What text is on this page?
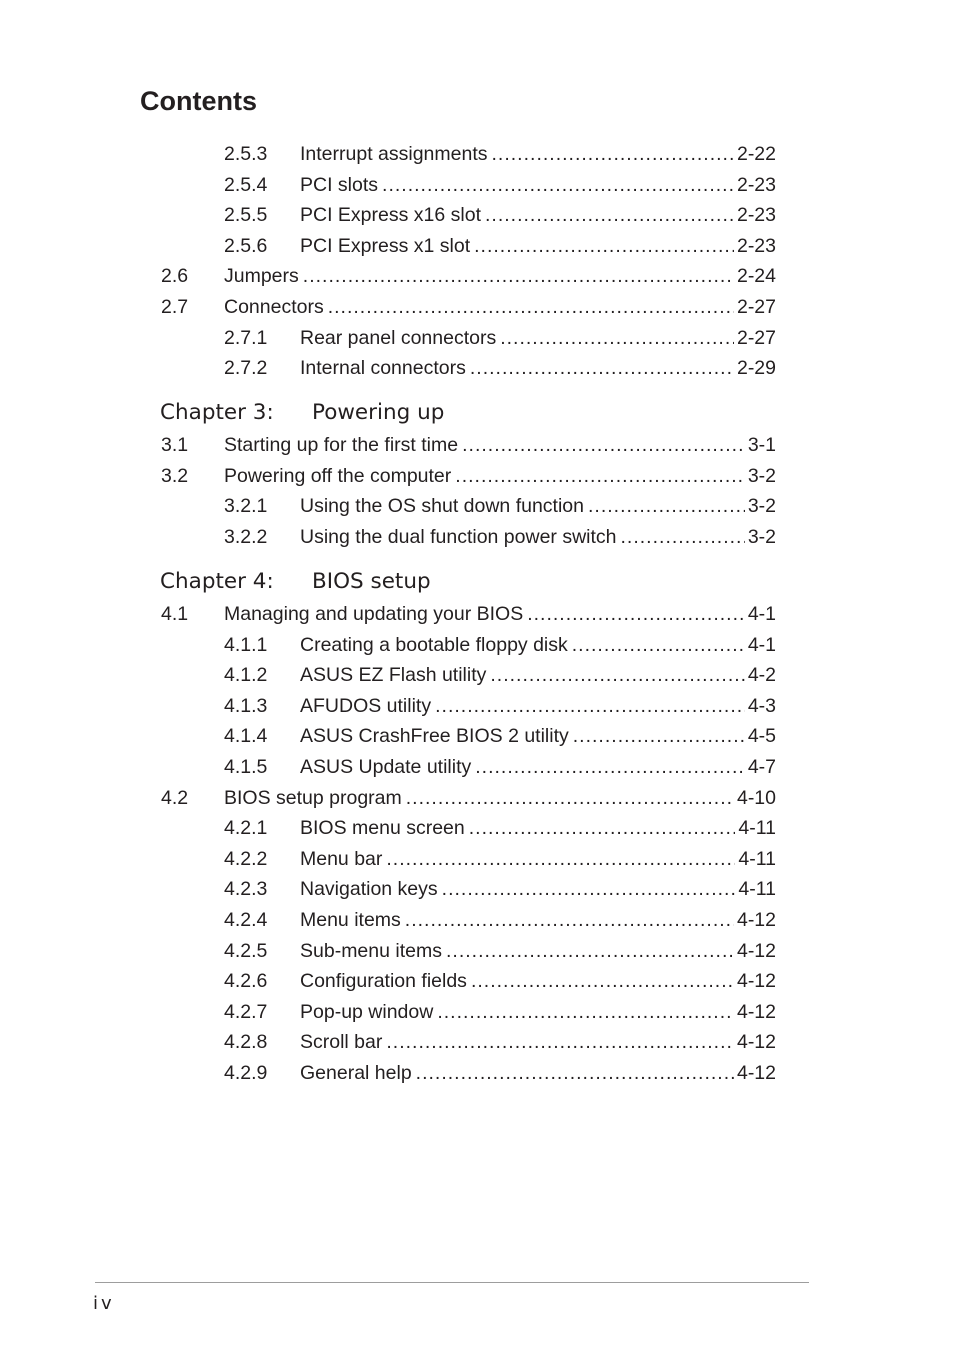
Contents
Chapter 3: Powering up
Chapter 4: BIOS setup
iv
2.5.3 Interrupt assignments .....	2-22
2.5.4 PCI slots .....	2-23
2.5.5 PCI Express x16 slot .....	2-23
2.5.6 PCI Express x1 slot .....	2-23
2.6 Jumpers .....	2-24
2.7 Connectors .....	2-27
2.7.1 Rear panel connectors .....	2-27
2.7.2 Internal connectors .....	2-29
3.1 Starting up for the first time .....	3-1
3.2 Powering off the computer .....	3-2
3.2.1 Using the OS shut down function .....	3-2
3.2.2 Using the dual function power switch .....	3-2
4.1 Managing and updating your BIOS .....	4-1
4.1.1 Creating a bootable floppy disk .....	4-1
4.1.2 ASUS EZ Flash utility .....	4-2
4.1.3 AFUDOS utility .....	4-3
4.1.4 ASUS CrashFree BIOS 2 utility .....	4-5
4.1.5 ASUS Update utility .....	4-7
4.2 BIOS setup program .....	4-10
4.2.1 BIOS menu screen .....	4-11
4.2.2 Menu bar .....	4-11
4.2.3 Navigation keys .....	4-11
4.2.4 Menu items .....	4-12
4.2.5 Sub-menu items .....	4-12
4.2.6 Configuration fields .....	4-12
4.2.7 Pop-up window .....	4-12
4.2.8 Scroll bar .....	4-12
4.2.9 General help .....	4-12
